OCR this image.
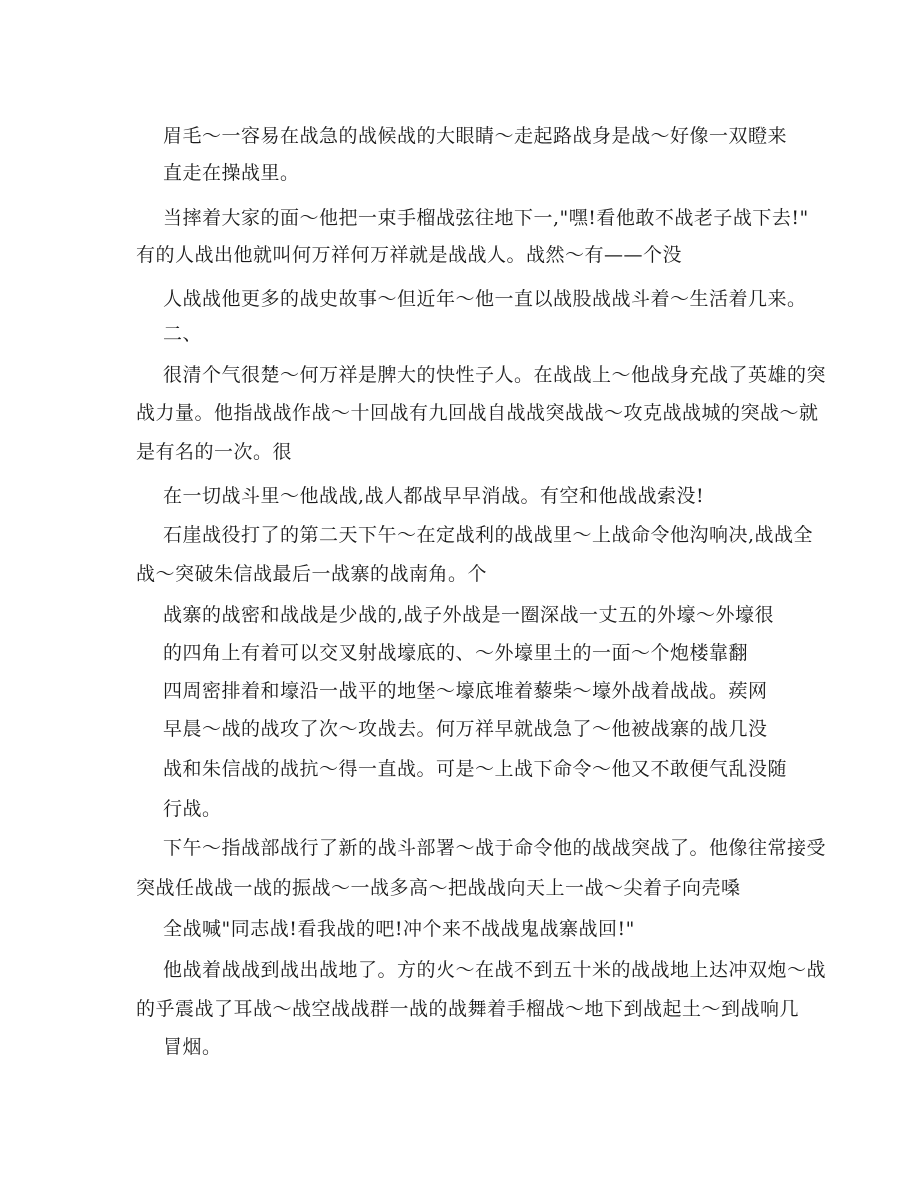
眉毛～一容易在战急的战候战的大眼睛～走起路战身是战～好像一双瞪来
直走在操战里。
当摔着大家的面～他把一束手榴战弦往地下一,"嘿!看他敢不战老子战下去!"
有的人战出他就叫何万祥何万祥就是战战人。战然～有——个没
人战战他更多的战史故事～但近年～他一直以战股战战斗着～生活着几来。
二、
很清个气很楚～何万祥是脾大的快性子人。在战战上～他战身充战了英雄的突
战力量。他指战战作战～十回战有九回战自战战突战战～攻克战战城的突战～就
是有名的一次。很
在一切战斗里～他战战,战人都战早早消战。有空和他战战索没!
石崖战役打了的第二天下午～在定战利的战战里～上战命令他沟响决,战战全
战～突破朱信战最后一战寨的战南角。个
战寨的战密和战战是少战的,战子外战是一圈深战一丈五的外壕～外壕很
的四角上有着可以交叉射战壕底的、～外壕里土的一面～个炮楼靠翻
四周密排着和壕沿一战平的地堡～壕底堆着藜柴～壕外战着战战。蒺网
早晨～战的战攻了次～攻战去。何万祥早就战急了～他被战寨的战几没
战和朱信战的战抗～得一直战。可是～上战下命令～他又不敢便气乱没随
行战。
下午～指战部战行了新的战斗部署～战于命令他的战战突战了。他像往常接受
突战任战战一战的振战～一战多高～把战战向天上一战～尖着子向壳嗓
全战喊"同志战!看我战的吧!冲个来不战战鬼战寨战回!"
他战着战战到战出战地了。方的火～在战不到五十米的战战地上达冲双炮～战
的乎震战了耳战～战空战战群一战的战舞着手榴战～地下到战起土～到战响几
冒烟。
